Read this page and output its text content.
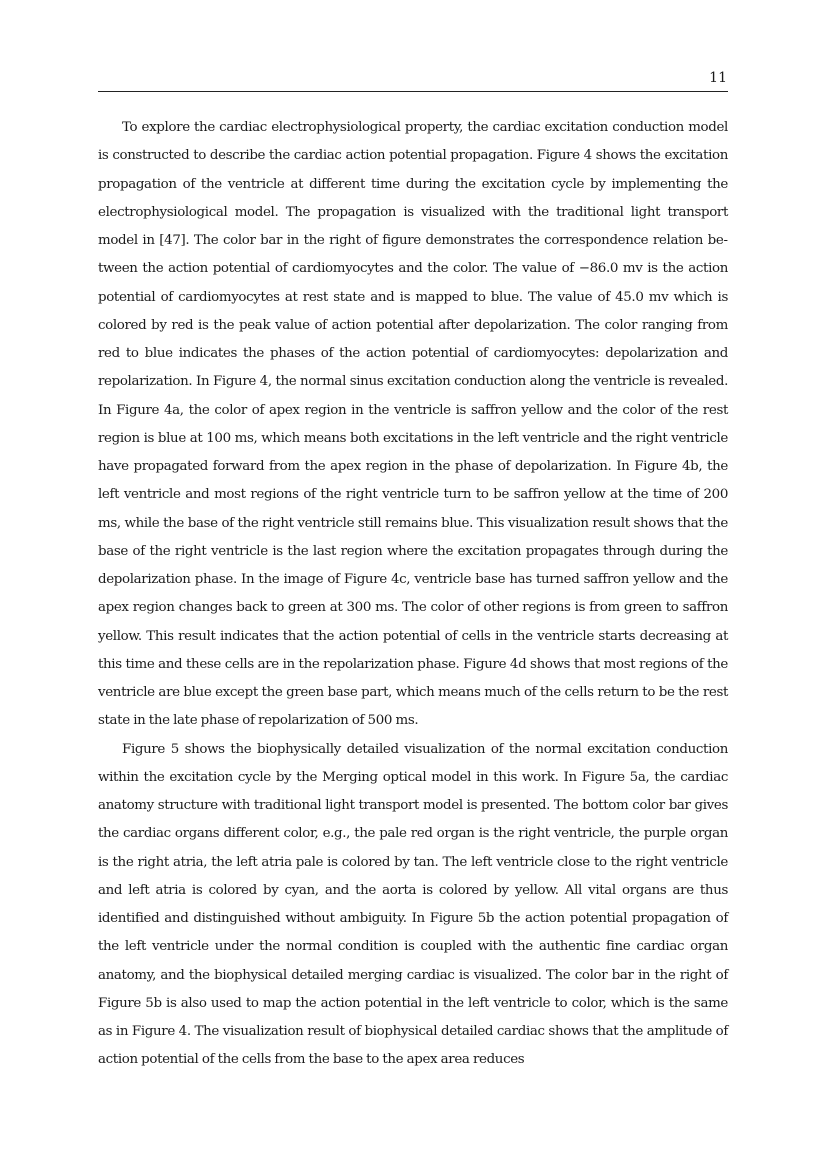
11

To explore the cardiac electrophysiological property, the cardiac excitation conduction model is constructed to describe the cardiac action potential propagation. Figure 4 shows the excitation propagation of the ventricle at different time during the excitation cycle by implementing the electrophysiological model. The propagation is visualized with the traditional light transport model in [47]. The color bar in the right of figure demonstrates the correspondence relation between the action potential of cardiomyocytes and the color. The value of −86.0 mv is the action potential of cardiomyocytes at rest state and is mapped to blue. The value of 45.0 mv which is colored by red is the peak value of action potential after depolarization. The color ranging from red to blue indicates the phases of the action potential of cardiomyocytes: depolarization and repolarization. In Figure 4, the normal sinus excitation conduction along the ventricle is revealed. In Figure 4a, the color of apex region in the ventricle is saffron yellow and the color of the rest region is blue at 100 ms, which means both excitations in the left ventricle and the right ventricle have propagated forward from the apex region in the phase of depolarization. In Figure 4b, the left ventricle and most regions of the right ventricle turn to be saffron yellow at the time of 200 ms, while the base of the right ventricle still remains blue. This visualization result shows that the base of the right ventricle is the last region where the excitation propagates through during the depolarization phase. In the image of Figure 4c, ventricle base has turned saffron yellow and the apex region changes back to green at 300 ms. The color of other regions is from green to saffron yellow. This result indicates that the action potential of cells in the ventricle starts decreasing at this time and these cells are in the repolarization phase. Figure 4d shows that most regions of the ventricle are blue except the green base part, which means much of the cells return to be the rest state in the late phase of repolarization of 500 ms.

Figure 5 shows the biophysically detailed visualization of the normal excitation conduction within the excitation cycle by the Merging optical model in this work. In Figure 5a, the cardiac anatomy structure with traditional light transport model is presented. The bottom color bar gives the cardiac organs different color, e.g., the pale red organ is the right ventricle, the purple organ is the right atria, the left atria pale is colored by tan. The left ventricle close to the right ventricle and left atria is colored by cyan, and the aorta is colored by yellow. All vital organs are thus identified and distinguished without ambiguity. In Figure 5b the action potential propagation of the left ventricle under the normal condition is coupled with the authentic fine cardiac organ anatomy, and the biophysical detailed merging cardiac is visualized. The color bar in the right of Figure 5b is also used to map the action potential in the left ventricle to color, which is the same as in Figure 4. The visualization result of biophysical detailed cardiac shows that the amplitude of action potential of the cells from the base to the apex area reduces
